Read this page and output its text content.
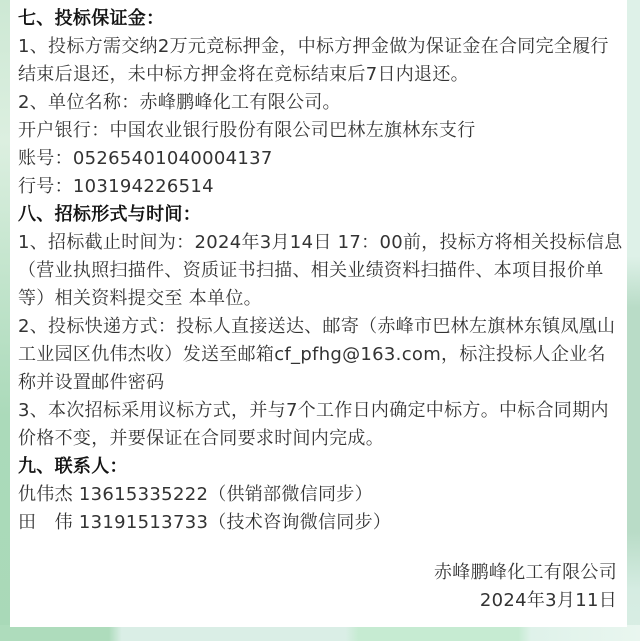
七、投标保证金：
1、投标方需交纳2万元竞标押金，中标方押金做为保证金在合同完全履行
结束后退还，未中标方押金将在竞标结束后7日内退还。
2、单位名称：赤峰鹏峰化工有限公司。
开户银行：中国农业银行股份有限公司巴林左旗林东支行
账号：05265401040004137
行号：103194226514
八、招标形式与时间：
1、招标截止时间为：2024年3月14日 17：00前，投标方将相关投标信息
（营业执照扫描件、资质证书扫描、相关业绩资料扫描件、本项目报价单
等）相关资料提交至 本单位。
2、投标快递方式：投标人直接送达、邮寄（赤峰市巴林左旗林东镇凤凰山
工业园区仇伟杰收）发送至邮箱cf_pfhg@163.com，标注投标人企业名
称并设置邮件密码
3、本次招标采用议标方式，并与7个工作日内确定中标方。中标合同期内
价格不变，并要保证在合同要求时间内完成。
九、联系人：
仇伟杰 13615335222（供销部微信同步）
田　伟 13191513733（技术咨询微信同步）
赤峰鹏峰化工有限公司
2024年3月11日
